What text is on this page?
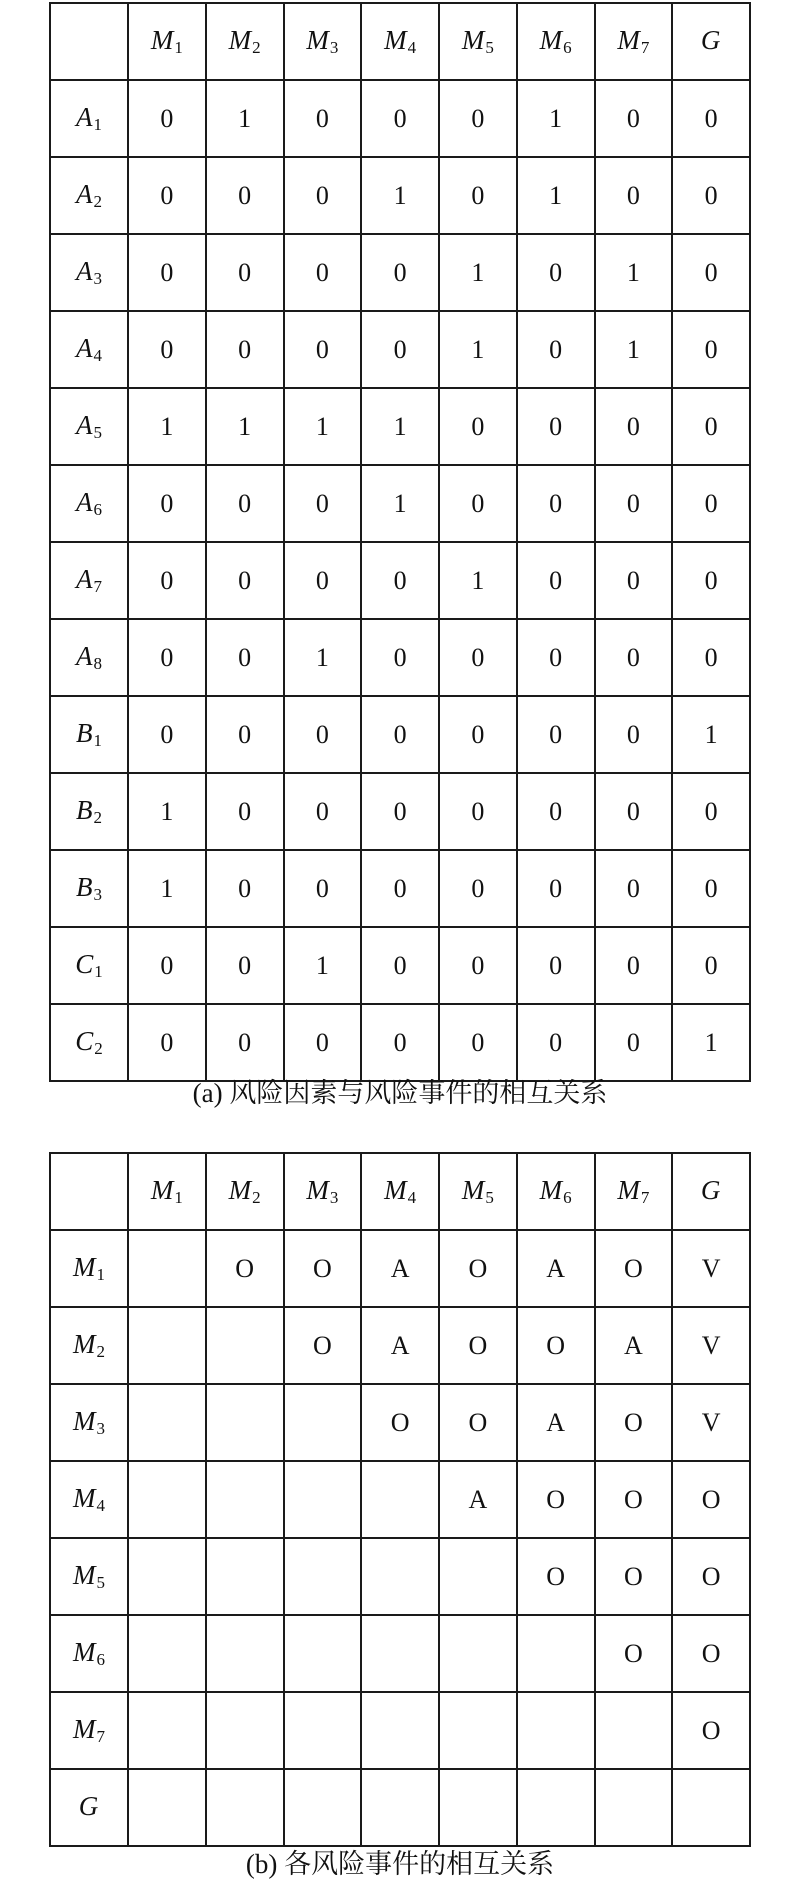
	$M_1$	$M_2$	$M_3$	$M_4$	$M_5$	$M_6$	$M_7$	G
$A_1$	0	1	0	0	0	1	0	0
$A_2$	0	0	0	1	0	1	0	0
$A_3$	0	0	0	0	1	0	1	0
$A_4$	0	0	0	0	1	0	1	0
$A_5$	1	1	1	1	0	0	0	0
$A_6$	0	0	0	1	0	0	0	0
$A_7$	0	0	0	0	1	0	0	0
$A_8$	0	0	1	0	0	0	0	0
$B_1$	0	0	0	0	0	0	0	1
$B_2$	1	0	0	0	0	0	0	0
$B_3$	1	0	0	0	0	0	0	0
$C_1$	0	0	1	0	0	0	0	0
$C_2$	0	0	0	0	0	0	0	1
(a) 风险因素与风险事件的相互关系
	$M_1$	$M_2$	$M_3$	$M_4$	$M_5$	$M_6$	$M_7$	G
$M_1$		O	O	A	O	A	O	V
$M_2$			O	A	O	O	A	V
$M_3$				O	O	A	O	V
$M_4$					A	O	O	O
$M_5$						O	O	O
$M_6$							O	O
$M_7$								O
G								
(b) 各风险事件的相互关系
